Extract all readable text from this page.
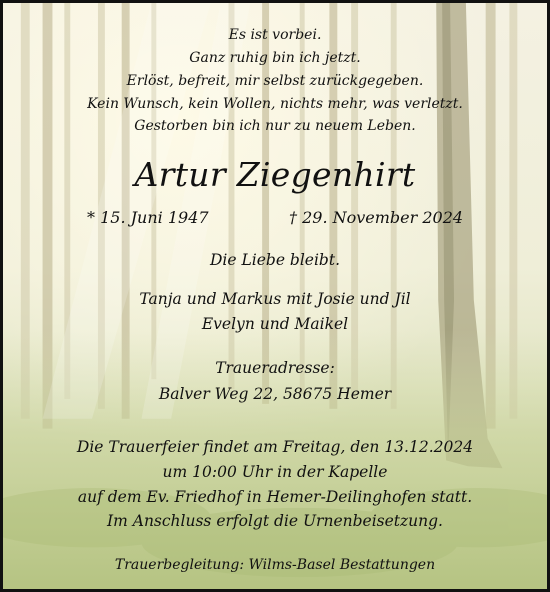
Es ist vorbei.
Ganz ruhig bin ich jetzt.
Erlöst, befreit, mir selbst zurückgegeben.
Kein Wunsch, kein Wollen, nichts mehr, was verletzt.
Gestorben bin ich nur zu neuem Leben.
Artur Ziegenhirt
* 15. Juni 1947	† 29. November 2024
Die Liebe bleibt.
Tanja und Markus mit Josie und Jil
Evelyn und Maikel
Traueradresse:
Balver Weg 22, 58675 Hemer
Die Trauerfeier findet am Freitag, den 13.12.2024
um 10:00 Uhr in der Kapelle
auf dem Ev. Friedhof in Hemer-Deilinghofen statt.
Im Anschluss erfolgt die Urnenbeisetzung.
Trauerbegleitung: Wilms-Basel Bestattungen
